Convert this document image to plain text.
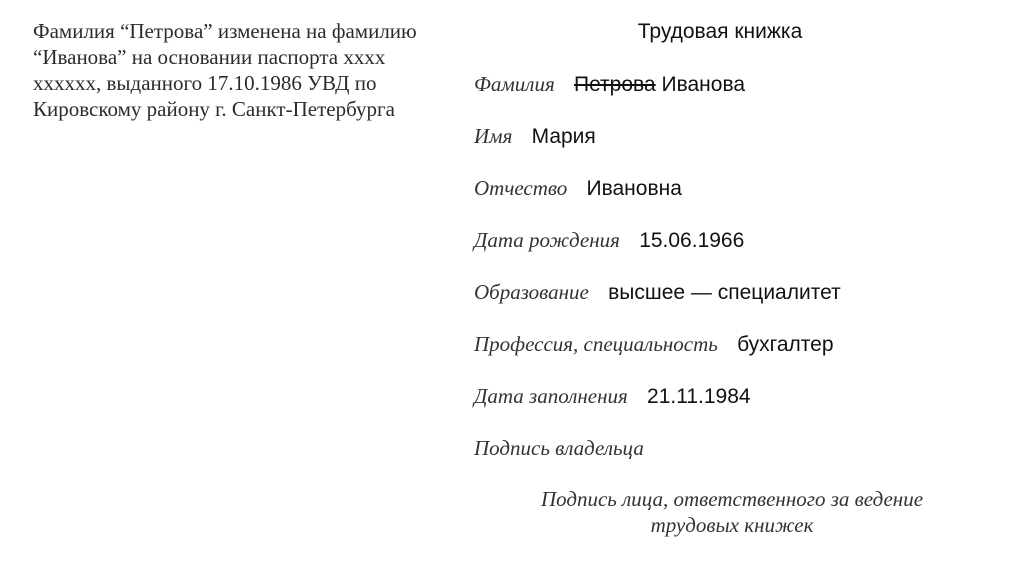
Фамилия “Петрова” изменена на фамилию “Иванова” на основании паспорта хххх хххххх, выданного 17.10.1986 УВД по Кировскому району г. Санкт-Петербурга
Трудовая книжка
Фамилия Петрова Иванова
Имя Мария
Отчество Ивановна
Дата рождения 15.06.1966
Образование высшее — специалитет
Профессия, специальность бухгалтер
Дата заполнения 21.11.1984
Подпись владельца
Подпись лица, ответственного за ведение трудовых книжек
